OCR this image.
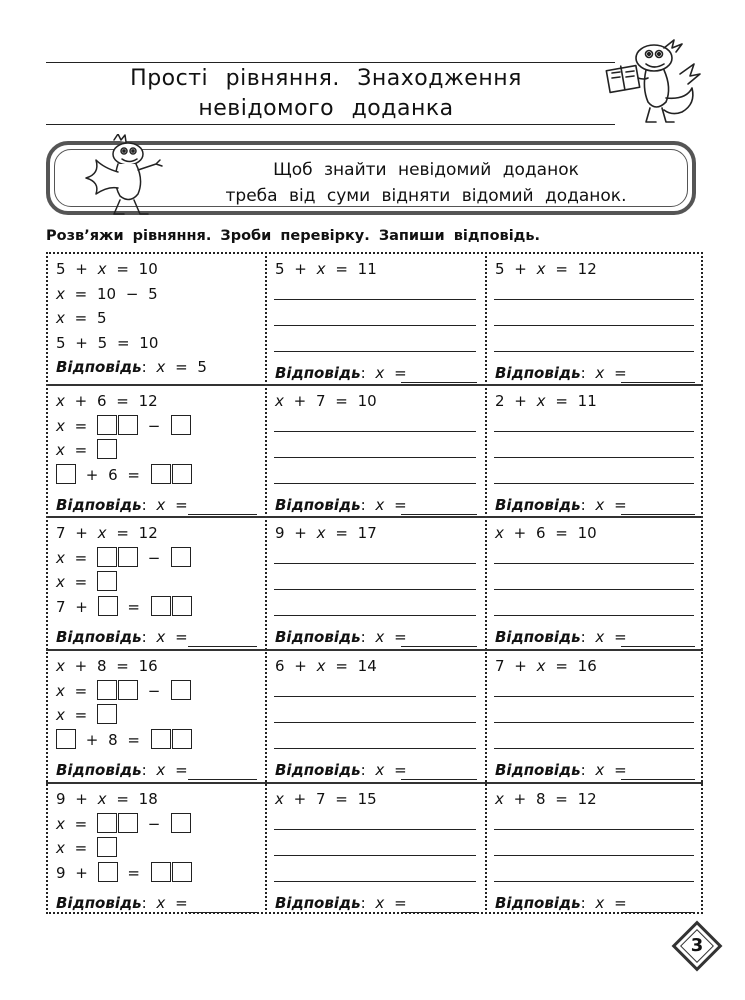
Прості рівняння. Знаходження
невідомого доданка
Щоб знайти невідомий доданок
треба від суми відняти відомий доданок.
Розв’яжи рівняння. Зроби перевірку. Запиши відповідь.
5 + x = 10
x = 10 − 5
x = 5
5 + 5 = 10
Відповідь: x = 5
5 + x = 11
Відповідь: x =
5 + x = 12
Відповідь: x =
x + 6 = 12
x =	−
x =
+ 6 =
Відповідь: x =
x + 7 = 10
Відповідь: x =
2 + x = 11
Відповідь: x =
7 + x = 12
x =	−
x =
7 +  =
Відповідь: x =
9 + x = 17
Відповідь: x =
x + 6 = 10
Відповідь: x =
x + 8 = 16
x =	−
x =
+ 8 =
Відповідь: x =
6 + x = 14
Відповідь: x =
7 + x = 16
Відповідь: x =
9 + x = 18
x =	−
x =
9 +  =
Відповідь: x =
x + 7 = 15
Відповідь: x =
x + 8 = 12
Відповідь: x =
3
